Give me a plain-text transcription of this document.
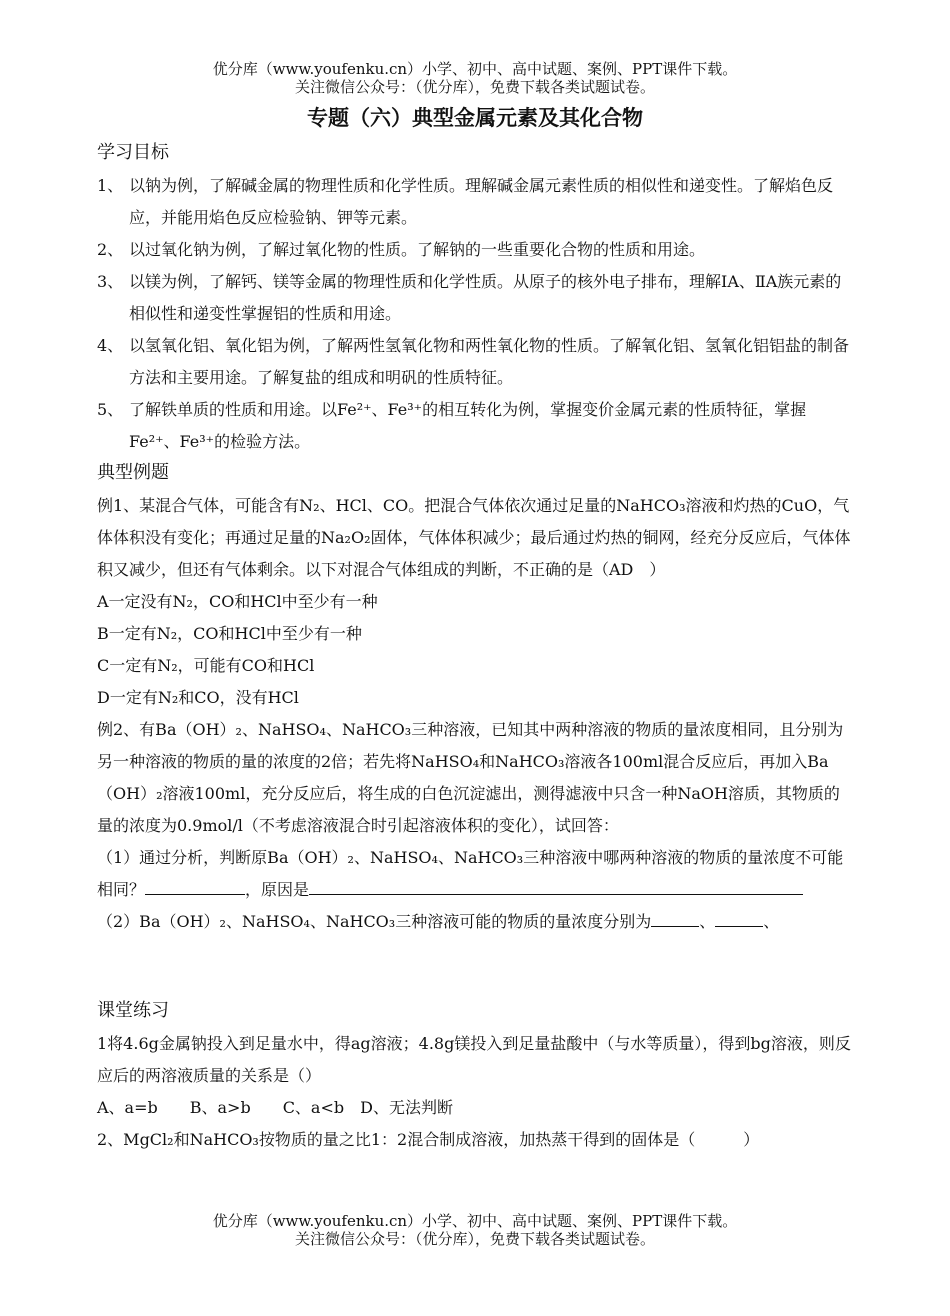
优分库（www.youfenku.cn）小学、初中、高中试题、案例、PPT课件下载。
关注微信公众号：（优分库），免费下载各类试题试卷。
专题（六）典型金属元素及其化合物
学习目标
1、 以钠为例，了解碱金属的物理性质和化学性质。理解碱金属元素性质的相似性和递变性。了解焰色反应，并能用焰色反应检验钠、钾等元素。
2、 以过氧化钠为例，了解过氧化物的性质。了解钠的一些重要化合物的性质和用途。
3、 以镁为例，了解钙、镁等金属的物理性质和化学性质。从原子的核外电子排布，理解ⅠA、ⅡA族元素的相似性和递变性掌握铝的性质和用途。
4、 以氢氧化铝、氧化铝为例，了解两性氢氧化物和两性氧化物的性质。了解氧化铝、氢氧化铝铝盐的制备方法和主要用途。了解复盐的组成和明矾的性质特征。
5、 了解铁单质的性质和用途。以Fe²⁺、Fe³⁺的相互转化为例，掌握变价金属元素的性质特征，掌握Fe²⁺、Fe³⁺的检验方法。
典型例题
例1、某混合气体，可能含有N₂、HCl、CO。把混合气体依次通过足量的NaHCO₃溶液和灼热的CuO，气体体积没有变化；再通过足量的Na₂O₂固体，气体体积减少；最后通过灼热的铜网，经充分反应后，气体体积又减少，但还有气体剩余。以下对混合气体组成的判断，不正确的是（AD　）
A一定没有N₂，CO和HCl中至少有一种
B一定有N₂，CO和HCl中至少有一种
C一定有N₂，可能有CO和HCl
D一定有N₂和CO，没有HCl
例2、有Ba（OH）₂、NaHSO₄、NaHCO₃三种溶液，已知其中两种溶液的物质的量浓度相同，且分别为另一种溶液的物质的量的浓度的2倍；若先将NaHSO₄和NaHCO₃溶液各100ml混合反应后，再加入Ba（OH）₂溶液100ml，充分反应后，将生成的白色沉淀滤出，测得滤液中只含一种NaOH溶质，其物质的量的浓度为0.9mol/l（不考虑溶液混合时引起溶液体积的变化），试回答：
（1）通过分析，判断原Ba（OH）₂、NaHSO₄、NaHCO₃三种溶液中哪两种溶液的物质的量浓度不可能相同？	，原因是
（2）Ba（OH）₂、NaHSO₄、NaHCO₃三种溶液可能的物质的量浓度分别为	、	、
课堂练习
1将4.6g金属钠投入到足量水中，得ag溶液；4.8g镁投入到足量盐酸中（与水等质量），得到bg溶液，则反应后的两溶液质量的关系是（）
A、a=b　　B、a>b　　C、a<b　D、无法判断
2、MgCl₂和NaHCO₃按物质的量之比1：2混合制成溶液，加热蒸干得到的固体是（　　　）
优分库（www.youfenku.cn）小学、初中、高中试题、案例、PPT课件下载。
关注微信公众号：（优分库），免费下载各类试题试卷。
